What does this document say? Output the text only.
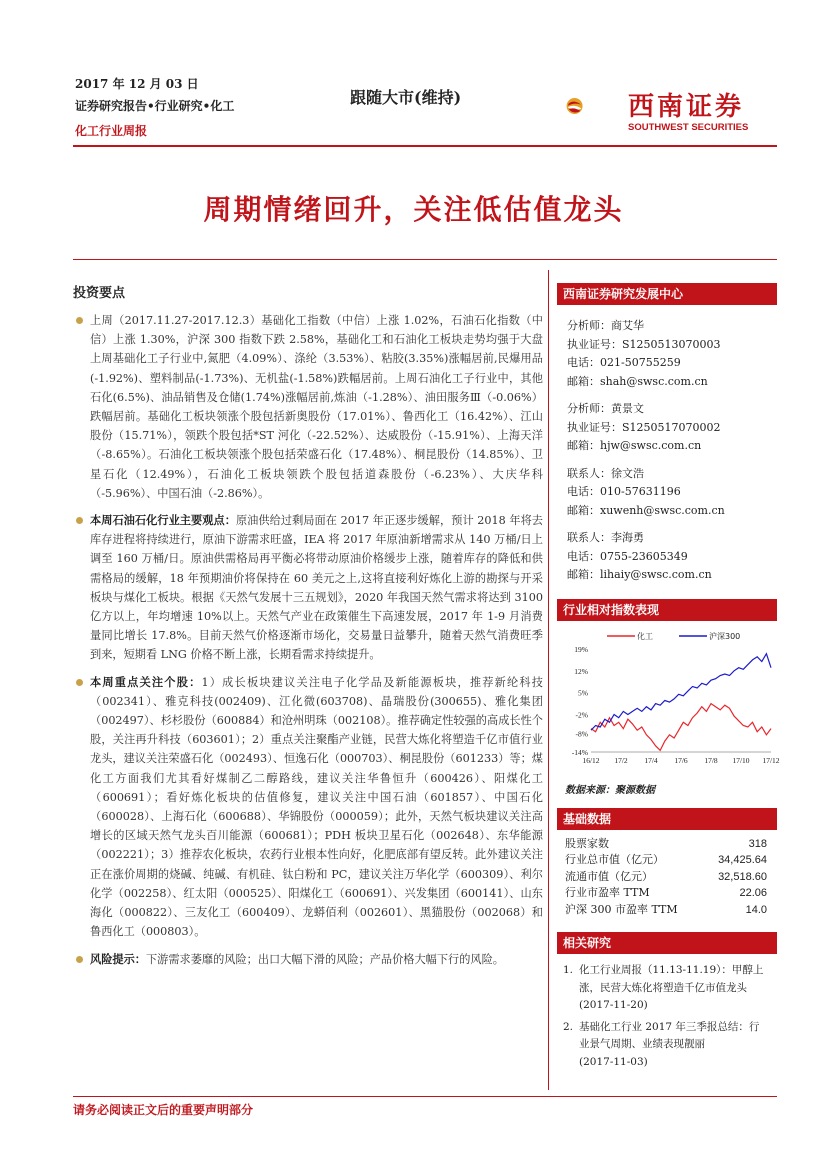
2017 年 12 月 03 日
证券研究报告•行业研究•化工
化工行业周报
跟随大市(维持)	西南证券
SOUTHWEST SECURITIES
周期情绪回升，关注低估值龙头
投资要点
上周（2017.11.27-2017.12.3）基础化工指数（中信）上涨 1.02%，石油石化指数（中信）上涨 1.30%，沪深 300 指数下跌 2.58%，基础化工和石油化工板块走势均强于大盘上周基础化工子行业中,氮肥（4.09%）、涤纶（3.53%）、粘胶(3.35%)涨幅居前,民爆用品(-1.92%)、塑料制品(-1.73%)、无机盐(-1.58%)跌幅居前。上周石油化工子行业中，其他石化(6.5%)、油品销售及仓储(1.74%)涨幅居前,炼油（-1.28%）、油田服务Ⅲ（-0.06%）跌幅居前。基础化工板块领涨个股包括新奥股份（17.01%）、鲁西化工（16.42%）、江山股份（15.71%），领跌个股包括*ST 河化（-22.52%）、达威股份（-15.91%）、上海天洋（-8.65%）。石油化工板块领涨个股包括荣盛石化（17.48%）、桐昆股份（14.85%）、卫星石化（12.49%），石油化工板块领跌个股包括道森股份（-6.23%）、大庆华科（-5.96%）、中国石油（-2.86%）。
本周石油石化行业主要观点：原油供给过剩局面在 2017 年正逐步缓解，预计 2018 年将去库存进程将持续进行，原油下游需求旺盛，IEA 将 2017 年原油新增需求从 140 万桶/日上调至 160 万桶/日。原油供需格局再平衡必将带动原油价格缓步上涨，随着库存的降低和供需格局的缓解，18 年预期油价将保持在 60 美元之上,这将直接利好炼化上游的勘探与开采板块与煤化工板块。根据《天然气发展十三五规划》，2020 年我国天然气需求将达到 3100 亿方以上，年均增速 10%以上。天然气产业在政策催生下高速发展，2017 年 1-9 月消费量同比增长 17.8%。目前天然气价格逐渐市场化，交易量日益攀升，随着天然气消费旺季到来，短期看 LNG 价格不断上涨，长期看需求持续提升。
本周重点关注个股：1）成长板块建议关注电子化学品及新能源板块，推荐新纶科技（002341）、雅克科技(002409)、江化微(603708)、晶瑞股份(300655)、雅化集团（002497）、杉杉股份（600884）和沧州明珠（002108）。推荐确定性较强的高成长性个股，关注再升科技（603601）；2）重点关注聚酯产业链，民营大炼化将塑造千亿市值行业龙头，建议关注荣盛石化（002493）、恒逸石化（000703）、桐昆股份（601233）等；煤化工方面我们尤其看好煤制乙二醇路线，建议关注华鲁恒升（600426）、阳煤化工（600691）；看好炼化板块的估值修复，建议关注中国石油（601857）、中国石化（600028）、上海石化（600688）、华锦股份（000059）；此外，天然气板块建议关注高增长的区域天然气龙头百川能源（600681）；PDH 板块卫星石化（002648）、东华能源（002221）；3）推荐农化板块，农药行业根本性向好，化肥底部有望反转。此外建议关注正在涨价周期的烧碱、纯碱、有机硅、钛白粉和 PC，建议关注万华化学（600309）、利尔化学（002258）、红太阳（000525）、阳煤化工（600691）、兴发集团（600141）、山东海化（000822）、三友化工（600409）、龙蟒佰利（002601）、黑猫股份（002068）和鲁西化工（000803）。
风险提示：下游需求萎靡的风险；出口大幅下滑的风险；产品价格大幅下行的风险。
西南证券研究发展中心
分析师：商艾华
执业证号：S1250513070003
电话：021-50755259
邮箱：shah@swsc.com.cn
分析师：黄景文
执业证号：S1250517070002
邮箱：hjw@swsc.com.cn
联系人：徐文浩
电话：010-57631196
邮箱：xuwenh@swsc.com.cn
联系人：李海勇
电话：0755-23605349
邮箱：lihaiy@swsc.com.cn
行业相对指数表现
化工	沪深300
19%
12%
5%
-2%
-8%
-14%
16/12 17/2 17/4 17/6 17/8 17/10 17/12
数据来源：聚源数据
基础数据
股票家数	318
行业总市值（亿元）	34,425.64
流通市值（亿元）	32,518.60
行业市盈率 TTM	22.06
沪深 300 市盈率 TTM	14.0
相关研究
1. 化工行业周报（11.13-11.19）：甲醇上
涨，民营大炼化将塑造千亿市值龙头
(2017-11-20)
2. 基础化工行业 2017 年三季报总结：行
业景气周期、业绩表现靓丽
(2017-11-03)
请务必阅读正文后的重要声明部分
